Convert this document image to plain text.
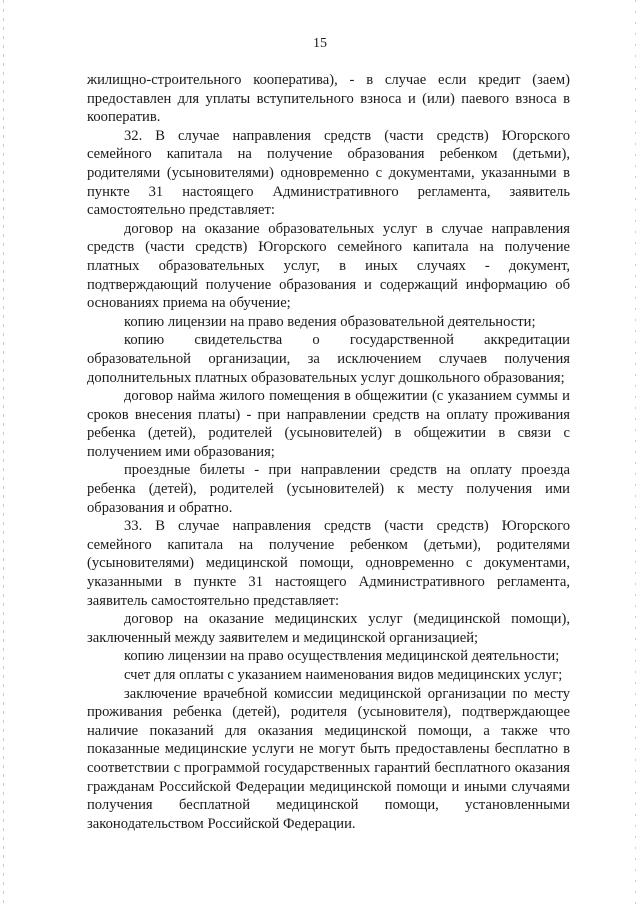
15

жилищно-строительного кооператива), - в случае если кредит (заем) предоставлен для уплаты вступительного взноса и (или) паевого взноса в кооператив.

32. В случае направления средств (части средств) Югорского семейного капитала на получение образования ребенком (детьми), родителями (усыновителями) одновременно с документами, указанными в пункте 31 настоящего Административного регламента, заявитель самостоятельно представляет:

договор на оказание образовательных услуг в случае направления средств (части средств) Югорского семейного капитала на получение платных образовательных услуг, в иных случаях - документ, подтверждающий получение образования и содержащий информацию об основаниях приема на обучение;

копию лицензии на право ведения образовательной деятельности;

копию свидетельства о государственной аккредитации образовательной организации, за исключением случаев получения дополнительных платных образовательных услуг дошкольного образования;

договор найма жилого помещения в общежитии (с указанием суммы и сроков внесения платы) - при направлении средств на оплату проживания ребенка (детей), родителей (усыновителей) в общежитии в связи с получением ими образования;

проездные билеты - при направлении средств на оплату проезда ребенка (детей), родителей (усыновителей) к месту получения ими образования и обратно.

33. В случае направления средств (части средств) Югорского семейного капитала на получение ребенком (детьми), родителями (усыновителями) медицинской помощи, одновременно с документами, указанными в пункте 31 настоящего Административного регламента, заявитель самостоятельно представляет:

договор на оказание медицинских услуг (медицинской помощи), заключенный между заявителем и медицинской организацией;

копию лицензии на право осуществления медицинской деятельности;

счет для оплаты с указанием наименования видов медицинских услуг;

заключение врачебной комиссии медицинской организации по месту проживания ребенка (детей), родителя (усыновителя), подтверждающее наличие показаний для оказания медицинской помощи, а также что показанные медицинские услуги не могут быть предоставлены бесплатно в соответствии с программой государственных гарантий бесплатного оказания гражданам Российской Федерации медицинской помощи и иными случаями получения бесплатной медицинской помощи, установленными законодательством Российской Федерации.
